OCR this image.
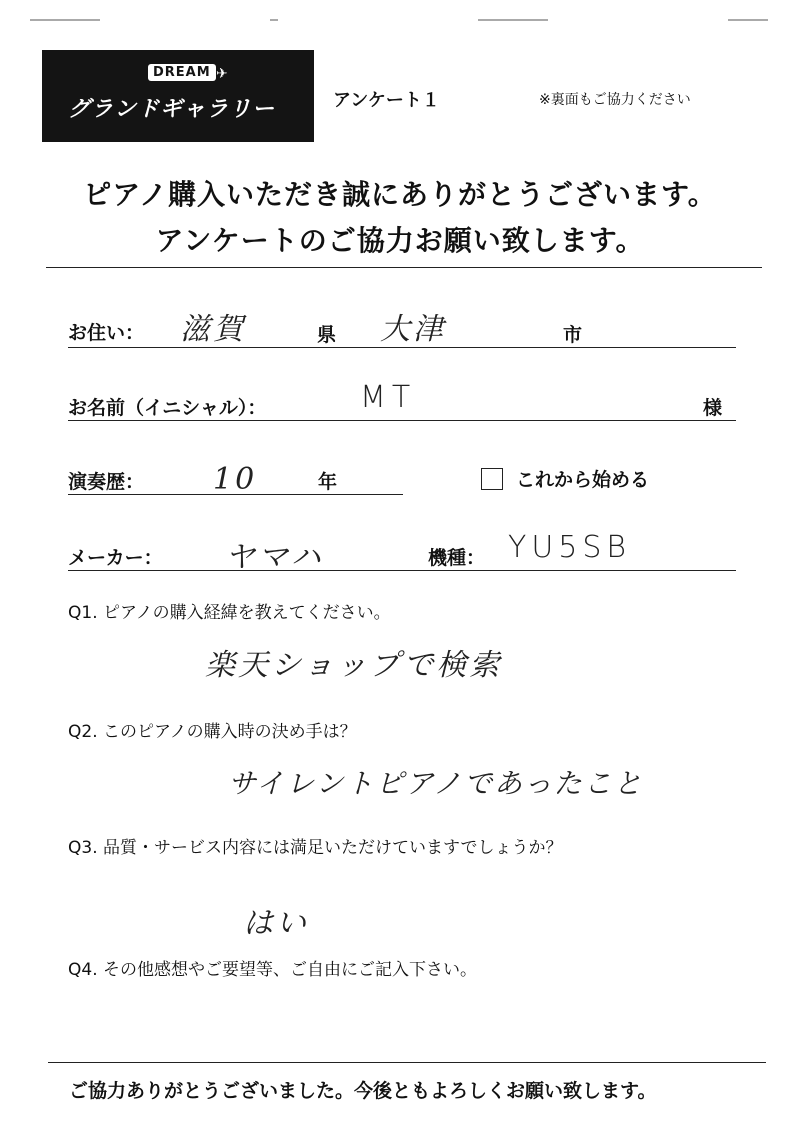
DREAM ✈
グランドギャラリー	アンケート１	※裏面もご協力ください
ピアノ購入いただき誠にありがとうございます。
アンケートのご協力お願い致します。
お住い： 滋賀	県 大津	市
お名前（イニシャル）：	MT	様
演奏歴： 10	年	これから始める
メーカー： ヤマハ	機種： YU5SB
Q1. ピアノの購入経緯を教えてください。
楽天ショップで検索
Q2. このピアノの購入時の決め手は？
サイレントピアノであったこと
Q3. 品質・サービス内容には満足いただけていますでしょうか？
はい
Q4. その他感想やご要望等、ご自由にご記入下さい。
ご協力ありがとうございました。今後ともよろしくお願い致します。
